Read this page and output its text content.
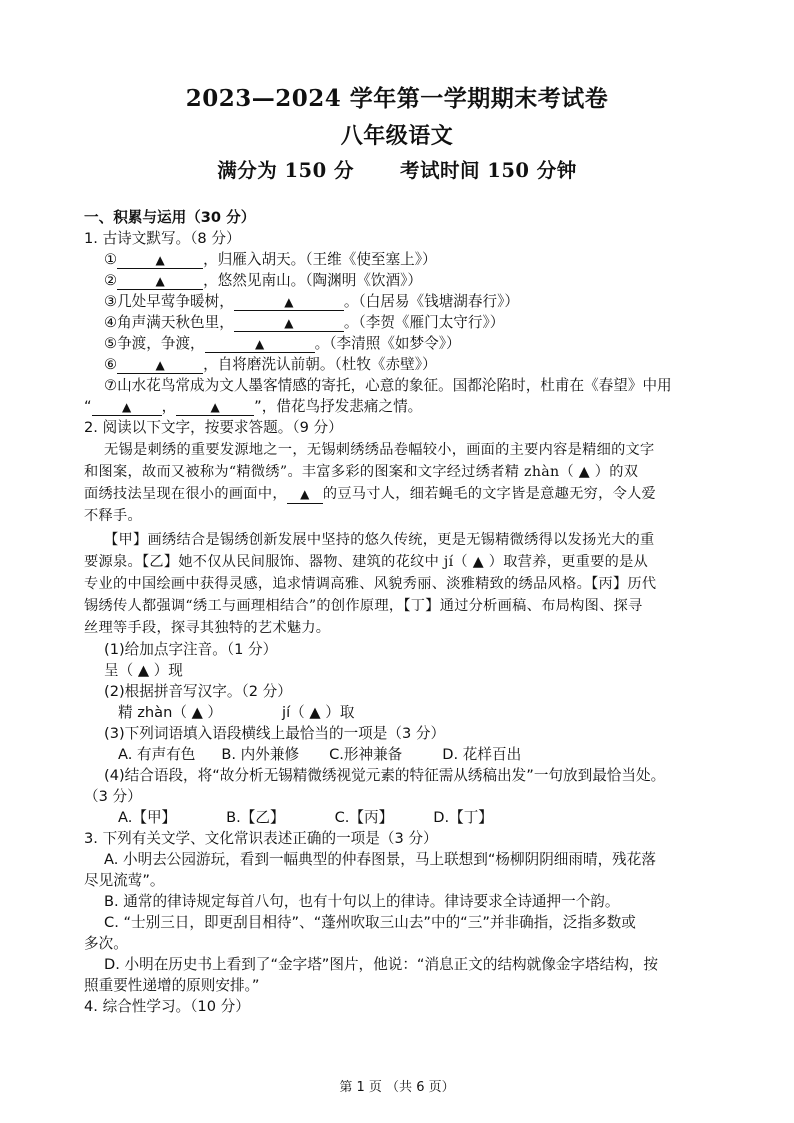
2023—2024 学年第一学期期末考试卷
八年级语文
满分为 150 分 考试时间 150 分钟
一、积累与运用（30 分）
1. 古诗文默写。（8 分）
①	▲	，归雁入胡天。（王维《使至塞上》）
②	▲	，悠然见南山。（陶渊明《饮酒》）
③几处早莺争暖树，	▲	。（白居易《钱塘湖春行》）
④角声满天秋色里，	▲	。（李贺《雁门太守行》）
⑤争渡，争渡，	▲	。（李清照《如梦令》）
⑥	▲	，自将磨洗认前朝。（杜牧《赤壁》）
⑦山水花鸟常成为文人墨客情感的寄托，心意的象征。国都沦陷时，杜甫在《春望》中用
“	▲ ，	▲ ”，借花鸟抒发悲痛之情。
2. 阅读以下文字，按要求答题。（9 分）
无锡是刺绣的重要发源地之一，无锡刺绣绣品卷幅较小，画面的主要内容是精细的文字
和图案，故而又被称为“精微绣”。丰富多彩的图案和文字经过绣者精 zhàn（ ▲ ）的双
面绣技法呈现在很小的画面中， ▲ 的豆马寸人，细若蝇毛的文字皆是意趣无穷，令人爱
不释手。
【甲】画绣结合是锡绣创新发展中坚持的悠久传统，更是无锡精微绣得以发扬光大的重
要源泉。【乙】她不仅从民间服饰、器物、建筑的花纹中 jí（ ▲ ）取营养，更重要的是从
专业的中国绘画中获得灵感，追求情调高雅、风貌秀丽、淡雅精致的绣品风格。【丙】历代
锡绣传人都强调“绣工与画理相结合”的创作原理，【丁】通过分析画稿、布局构图、探寻
丝理等手段，探寻其独特的艺术魅力。
(1)给加点字注音。（1 分）
呈（ ▲ ）现
(2)根据拼音写汉字。（2 分）
精 zhàn（ ▲ ）	jí（ ▲ ）取
(3)下列词语填入语段横线上最恰当的一项是（3 分）
A. 有声有色 B. 内外兼修 C.形神兼备	D. 花样百出
(4)结合语段，将“故分析无锡精微绣视觉元素的特征需从绣稿出发”一句放到最恰当处。
（3 分）
A.【甲】	B.【乙】	C.【丙】	D.【丁】
3. 下列有关文学、文化常识表述正确的一项是（3 分）
A. 小明去公园游玩，看到一幅典型的仲春图景，马上联想到“杨柳阴阴细雨晴，残花落
尽见流莺”。
B. 通常的律诗规定每首八句，也有十句以上的律诗。律诗要求全诗通押一个韵。
C. “士别三日，即更刮目相待”、“蓬州吹取三山去”中的“三”并非确指，泛指多数或
多次。
D. 小明在历史书上看到了“金字塔”图片，他说：“消息正文的结构就像金字塔结构，按
照重要性递增的原则安排。”
4. 综合性学习。（10 分）
第 1 页 （共 6 页）
